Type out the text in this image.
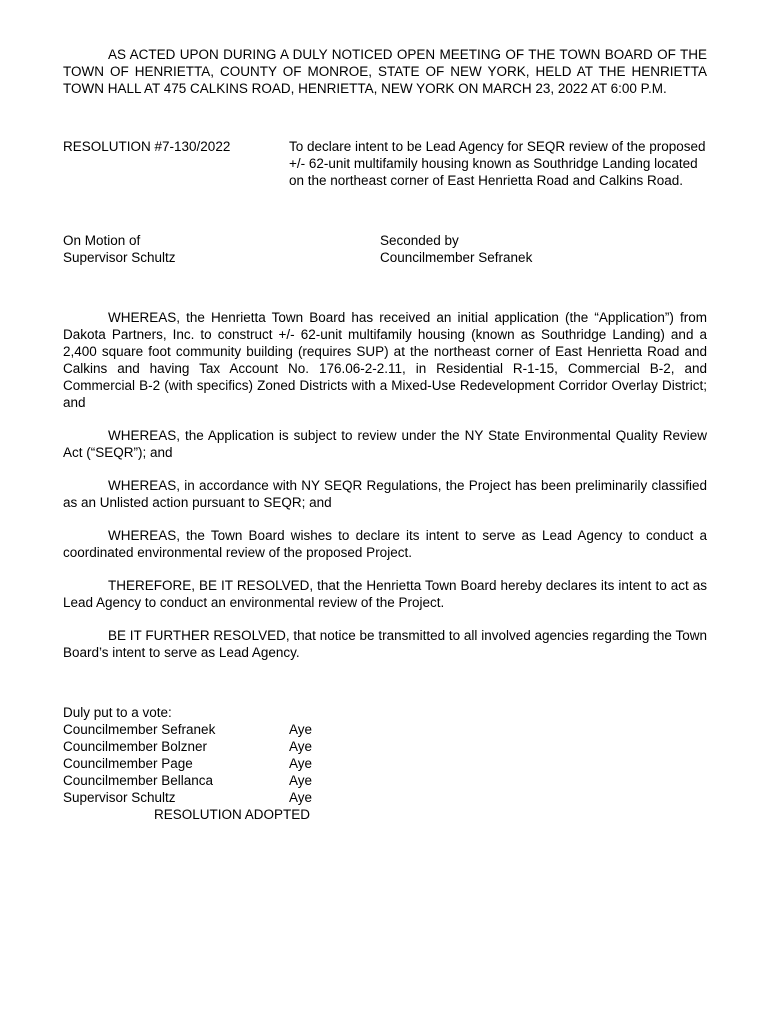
AS ACTED UPON DURING A DULY NOTICED OPEN MEETING OF THE TOWN BOARD OF THE TOWN OF HENRIETTA, COUNTY OF MONROE, STATE OF NEW YORK, HELD AT THE HENRIETTA TOWN HALL AT 475 CALKINS ROAD, HENRIETTA, NEW YORK ON MARCH 23, 2022 AT 6:00 P.M.

RESOLUTION #7-130/2022	To declare intent to be Lead Agency for SEQR review of the proposed +/- 62-unit multifamily housing known as Southridge Landing located on the northeast corner of East Henrietta Road and Calkins Road.
On Motion of
Supervisor Schultz
Seconded by
Councilmember Sefranek

WHEREAS, the Henrietta Town Board has received an initial application (the “Application”) from Dakota Partners, Inc. to construct +/- 62-unit multifamily housing (known as Southridge Landing) and a 2,400 square foot community building (requires SUP) at the northeast corner of East Henrietta Road and Calkins and having Tax Account No. 176.06-2-2.11, in Residential R-1-15, Commercial B-2, and Commercial B-2 (with specifics) Zoned Districts with a Mixed-Use Redevelopment Corridor Overlay District; and

WHEREAS, the Application is subject to review under the NY State Environmental Quality Review Act (“SEQR”); and

WHEREAS, in accordance with NY SEQR Regulations, the Project has been preliminarily classified as an Unlisted action pursuant to SEQR; and

WHEREAS, the Town Board wishes to declare its intent to serve as Lead Agency to conduct a coordinated environmental review of the proposed Project.

THEREFORE, BE IT RESOLVED, that the Henrietta Town Board hereby declares its intent to act as Lead Agency to conduct an environmental review of the Project.

BE IT FURTHER RESOLVED, that notice be transmitted to all involved agencies regarding the Town Board’s intent to serve as Lead Agency.

Duly put to a vote:
Councilmember Sefranek	Aye
Councilmember Bolzner	Aye
Councilmember Page	Aye
Councilmember Bellanca	Aye
Supervisor Schultz	Aye
RESOLUTION ADOPTED
